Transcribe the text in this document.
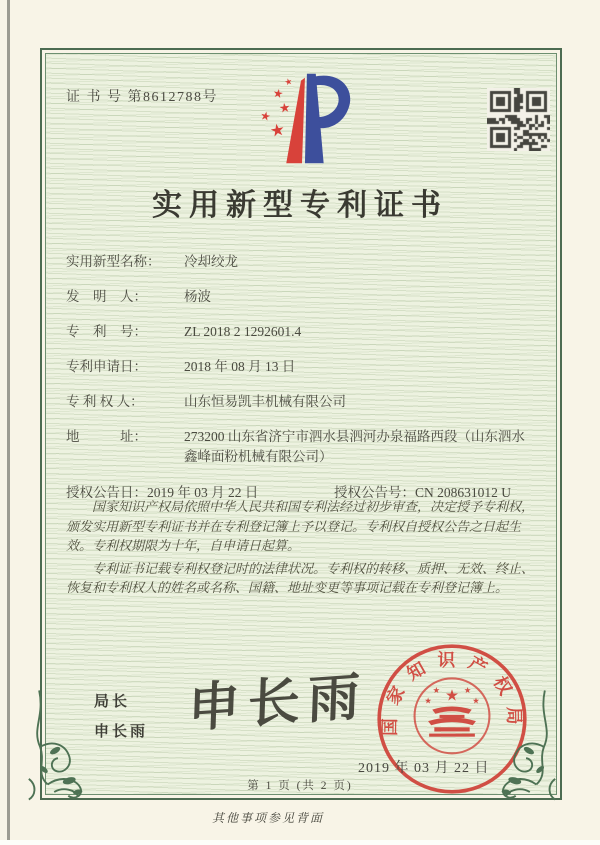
证 书 号 第8612788号
★
★
★
★
★
实用新型专利证书
实用新型名称：	冷却绞龙
发　明　人：	杨波
专　利　号：	ZL 2018 2 1292601.4
专利申请日：	2018 年 08 月 13 日
专 利 权 人：	山东恒易凯丰机械有限公司
地　　　址：	273200 山东省济宁市泗水县泗河办泉福路西段（山东泗水鑫峰面粉机械有限公司）
授权公告日：2019 年 03 月 22 日	授权公告号：CN 208631012 U

国家知识产权局依照中华人民共和国专利法经过初步审查，决定授予专利权，颁发实用新型专利证书并在专利登记簿上予以登记。专利权自授权公告之日起生效。专利权期限为十年，自申请日起算。

专利证书记载专利权登记时的法律状况。专利权的转移、质押、无效、终止、恢复和专利权人的姓名或名称、国籍、地址变更等事项记载在专利登记簿上。

局长
申长雨 申长雨 国家知识产权局
★
★	★
★	★
2019 年 03 月 22 日
第 1 页 (共 2 页)
其他事项参见背面
